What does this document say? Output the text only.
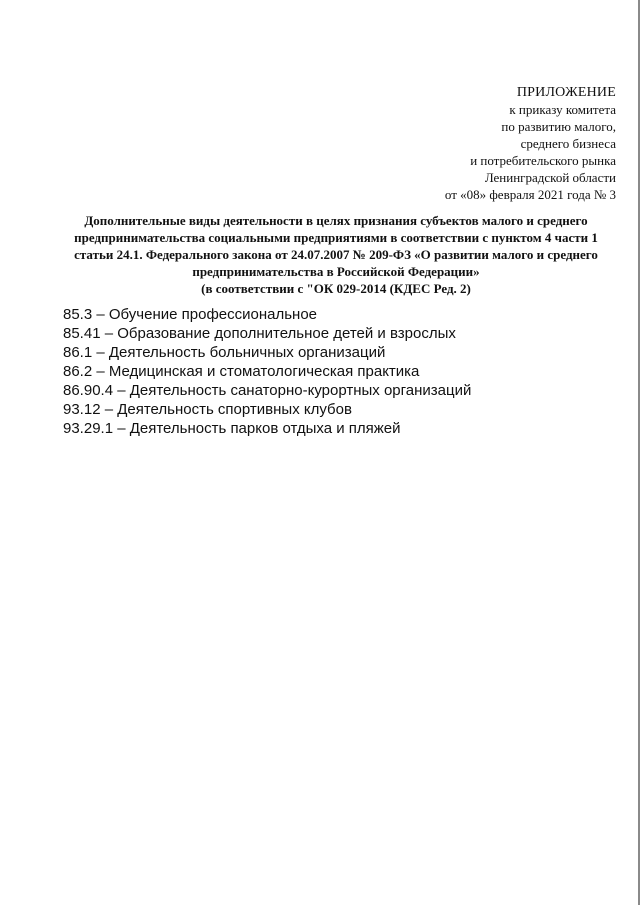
ПРИЛОЖЕНИЕ
к приказу комитета
по развитию малого,
среднего бизнеса
и потребительского рынка
Ленинградской области
от «08» февраля 2021 года № 3
Дополнительные виды деятельности в целях признания субъектов малого и среднего
предпринимательства социальными предприятиями в соответствии с пунктом 4 части 1
статьи 24.1. Федерального закона от 24.07.2007 № 209-ФЗ «О развитии малого и среднего
предпринимательства в Российской Федерации»
(в соответствии с "ОК 029-2014 (КДЕС Ред. 2)
85.3 – Обучение профессиональное
85.41 – Образование дополнительное детей и взрослых
86.1 – Деятельность больничных организаций
86.2 – Медицинская и стоматологическая практика
86.90.4 – Деятельность санаторно-курортных организаций
93.12 – Деятельность спортивных клубов
93.29.1 – Деятельность парков отдыха и пляжей
